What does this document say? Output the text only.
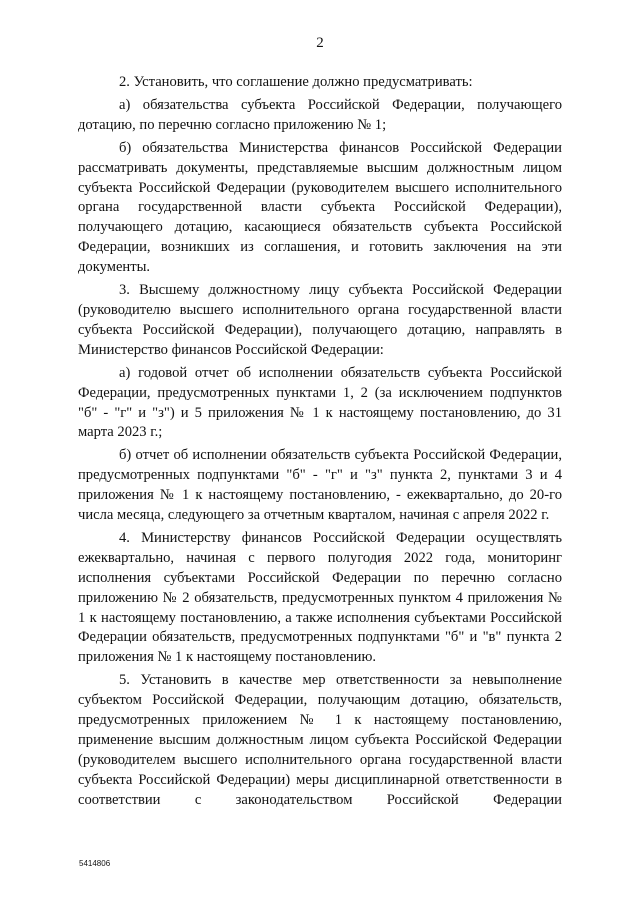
2

2. Установить, что соглашение должно предусматривать:

а) обязательства субъекта Российской Федерации, получающего дотацию, по перечню согласно приложению № 1;

б) обязательства Министерства финансов Российской Федерации рассматривать документы, представляемые высшим должностным лицом субъекта Российской Федерации (руководителем высшего исполнительного органа государственной власти субъекта Российской Федерации), получающего дотацию, касающиеся обязательств субъекта Российской Федерации, возникших из соглашения, и готовить заключения на эти документы.

3. Высшему должностному лицу субъекта Российской Федерации (руководителю высшего исполнительного органа государственной власти субъекта Российской Федерации), получающего дотацию, направлять в Министерство финансов Российской Федерации:

а) годовой отчет об исполнении обязательств субъекта Российской Федерации, предусмотренных пунктами 1, 2 (за исключением подпунктов "б" - "г" и "з") и 5 приложения № 1 к настоящему постановлению, до 31 марта 2023 г.;

б) отчет об исполнении обязательств субъекта Российской Федерации, предусмотренных подпунктами "б" - "г" и "з" пункта 2, пунктами 3 и 4 приложения № 1 к настоящему постановлению, - ежеквартально, до 20-го числа месяца, следующего за отчетным кварталом, начиная с апреля 2022 г.

4. Министерству финансов Российской Федерации осуществлять ежеквартально, начиная с первого полугодия 2022 года, мониторинг исполнения субъектами Российской Федерации по перечню согласно приложению № 2 обязательств, предусмотренных пунктом 4 приложения № 1 к настоящему постановлению, а также исполнения субъектами Российской Федерации обязательств, предусмотренных подпунктами "б" и "в" пункта 2 приложения № 1 к настоящему постановлению.

5. Установить в качестве мер ответственности за невыполнение субъектом Российской Федерации, получающим дотацию, обязательств, предусмотренных приложением № 1 к настоящему постановлению, применение высшим должностным лицом субъекта Российской Федерации (руководителем высшего исполнительного органа государственной власти субъекта Российской Федерации) меры дисциплинарной ответственности в соответствии с законодательством Российской Федерации

5414806
